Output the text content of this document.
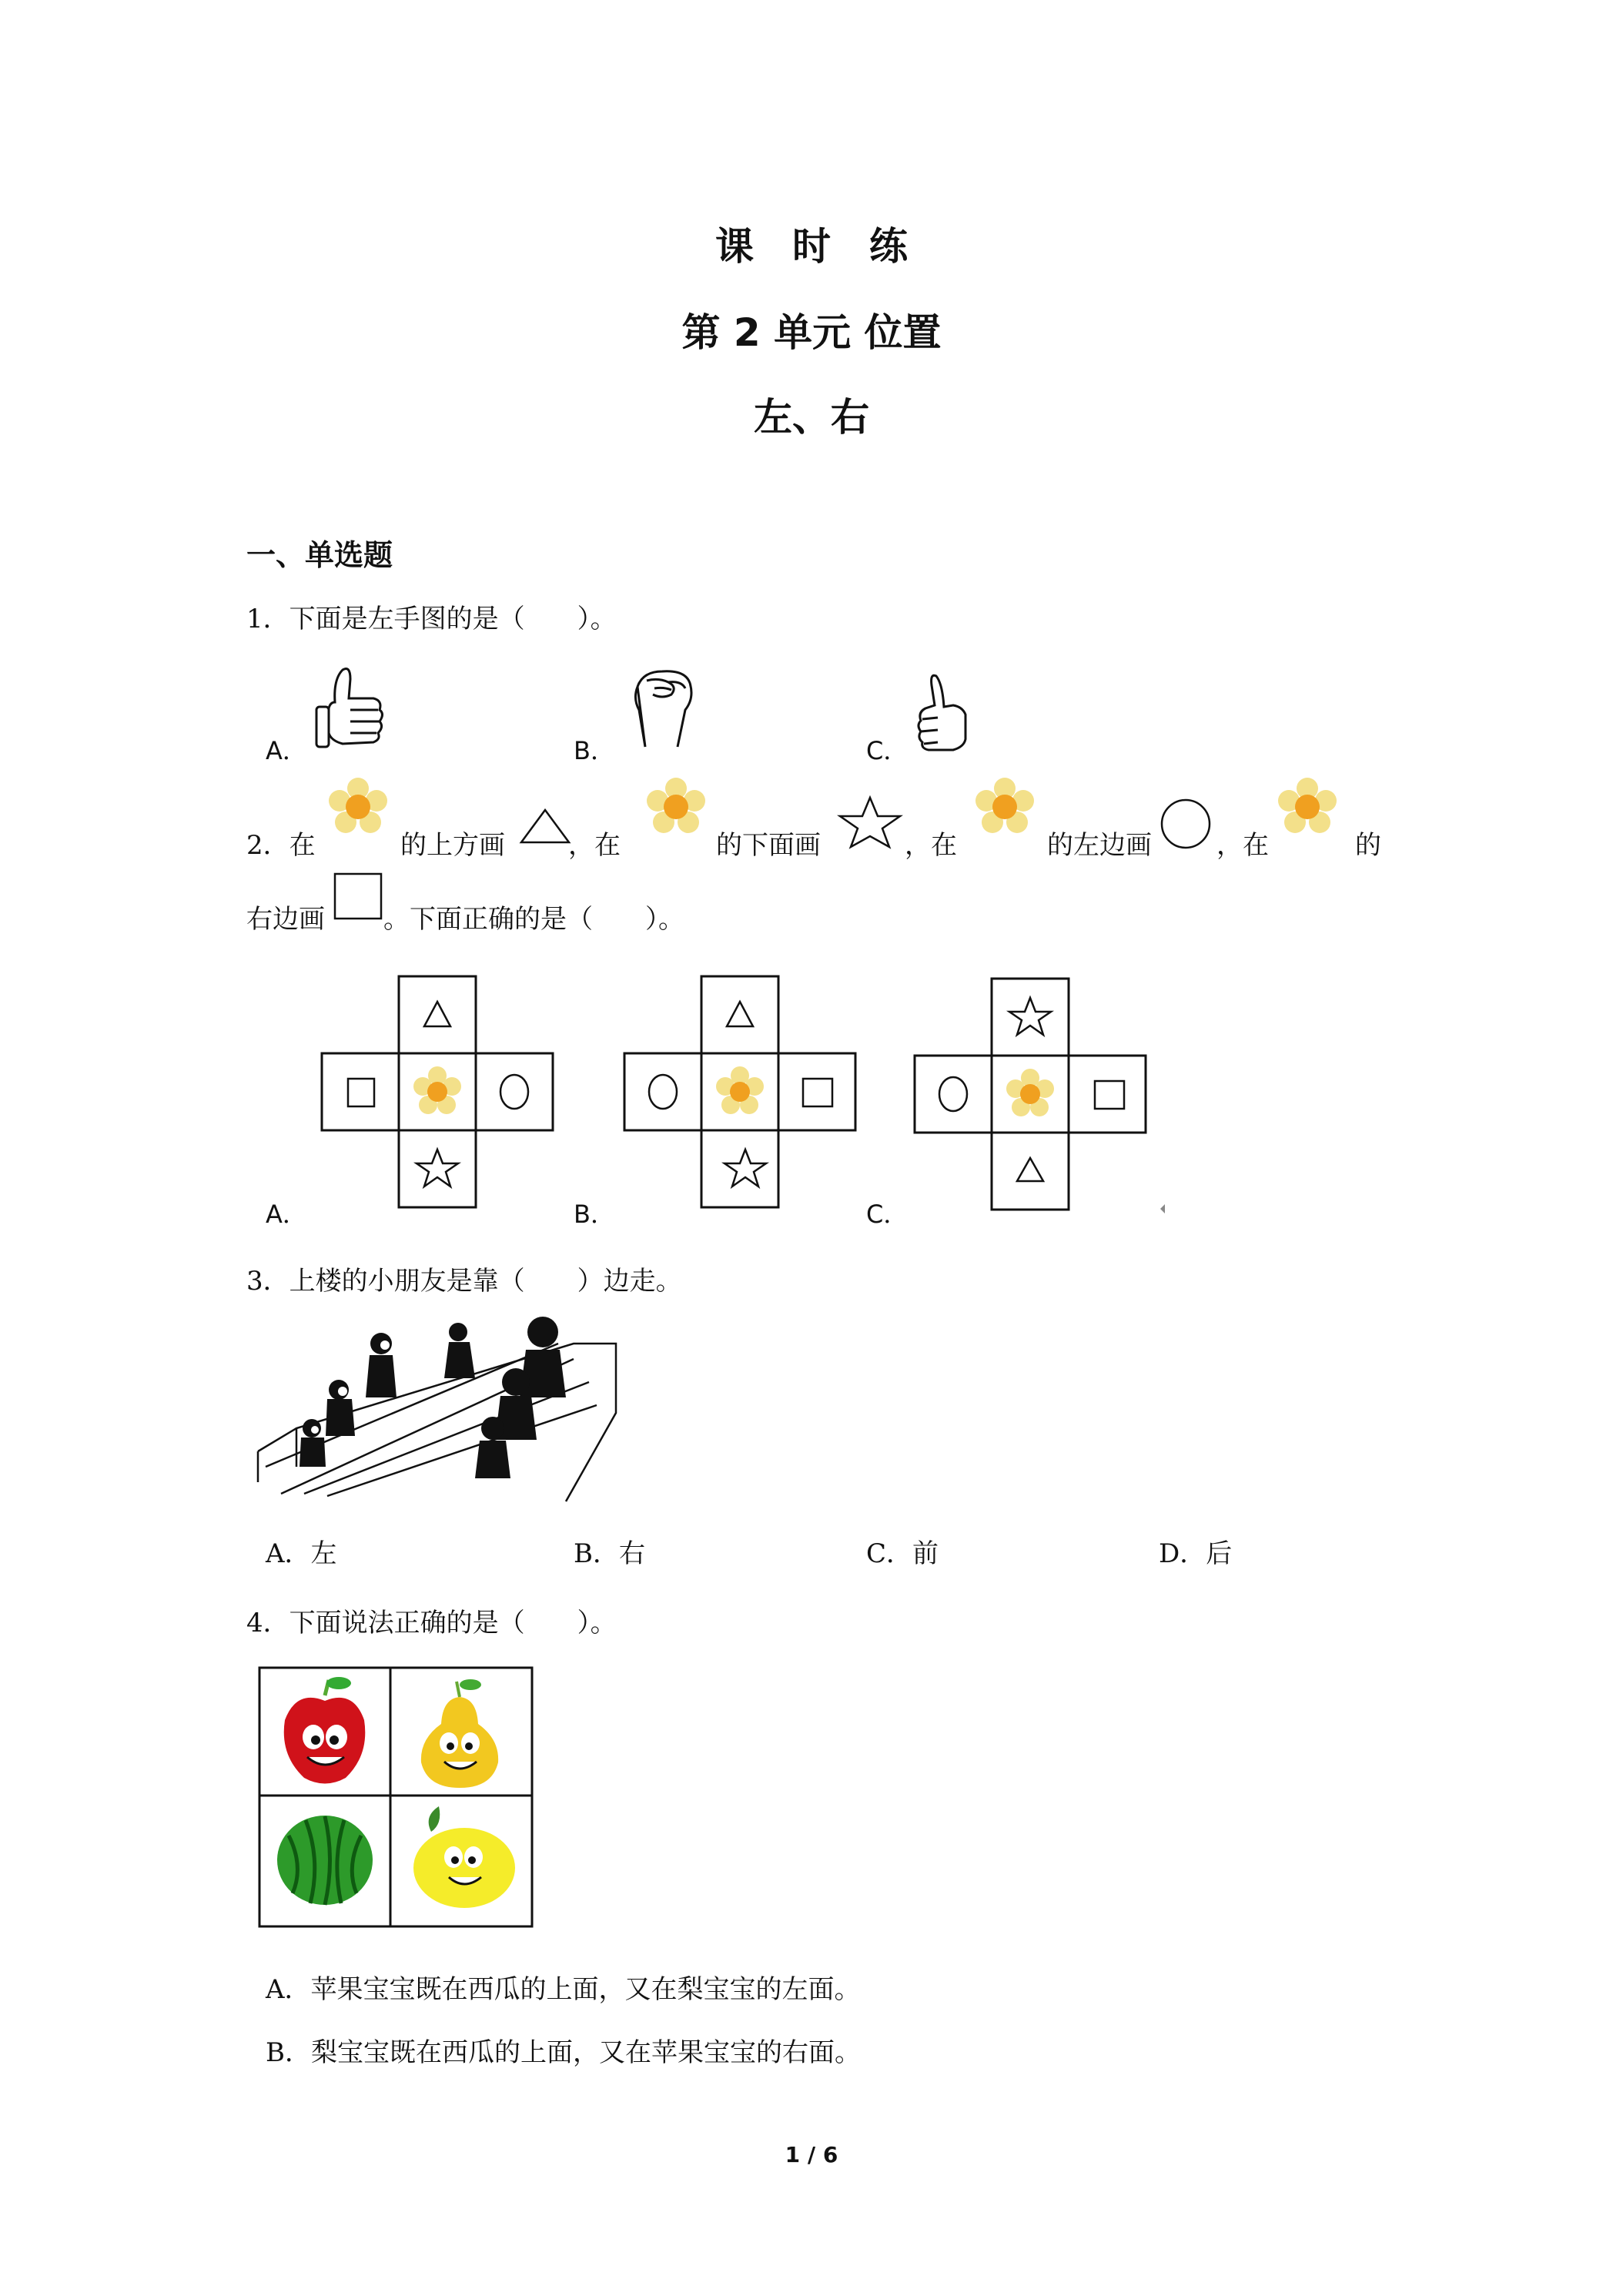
课　时　练
第 2 单元 位置
左、右
一、单选题
1．下面是左手图的是（　　）。
A．	B．	C．
2．在	的上方画 ，在	的下面画	，在	的左边画 ，在	的
右边画 。下面正确的是（　　）。
A．	B．	C．
3．上楼的小朋友是靠（　　）边走。
A．左	B．右	C．前	D．后
4．下面说法正确的是（　　）。
A．苹果宝宝既在西瓜的上面，又在梨宝宝的左面。
B．梨宝宝既在西瓜的上面，又在苹果宝宝的右面。
1 / 6
